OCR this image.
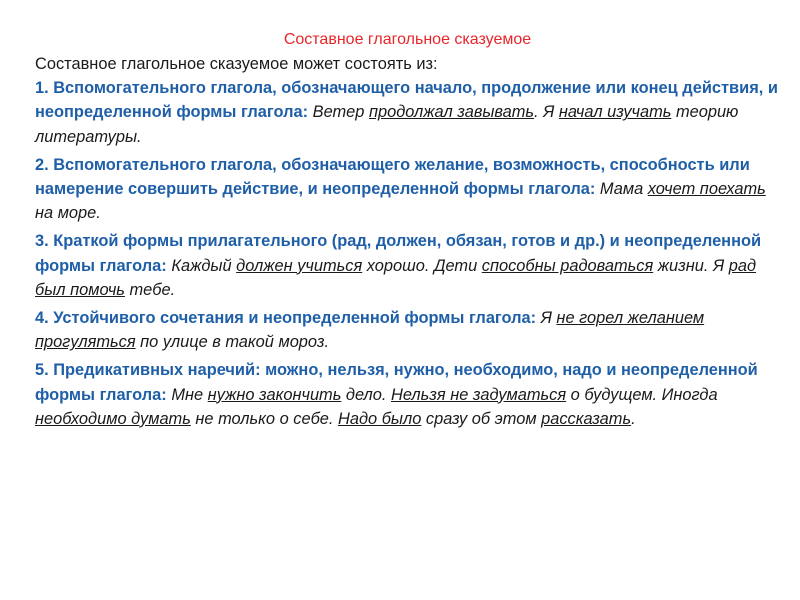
Составное глагольное сказуемое

Составное глагольное сказуемое может состоять из:

1. Вспомогательного глагола, обозначающего начало, продолжение или конец действия, и неопределенной формы глагола: Ветер продолжал завывать. Я начал изучать теорию литературы.

2. Вспомогательного глагола, обозначающего желание, возможность, способность или намерение совершить действие, и неопределенной формы глагола: Мама хочет поехать на море.

3. Краткой формы прилагательного (рад, должен, обязан, готов и др.) и неопределенной формы глагола: Каждый должен учиться хорошо. Дети способны радоваться жизни. Я рад был помочь тебе.

4. Устойчивого сочетания и неопределенной формы глагола: Я не горел желанием прогуляться по улице в такой мороз.

5. Предикативных наречий: можно, нельзя, нужно, необходимо, надо и неопределенной формы глагола: Мне нужно закончить дело. Нельзя не задуматься о будущем. Иногда необходимо думать не только о себе. Надо было сразу об этом рассказать.
